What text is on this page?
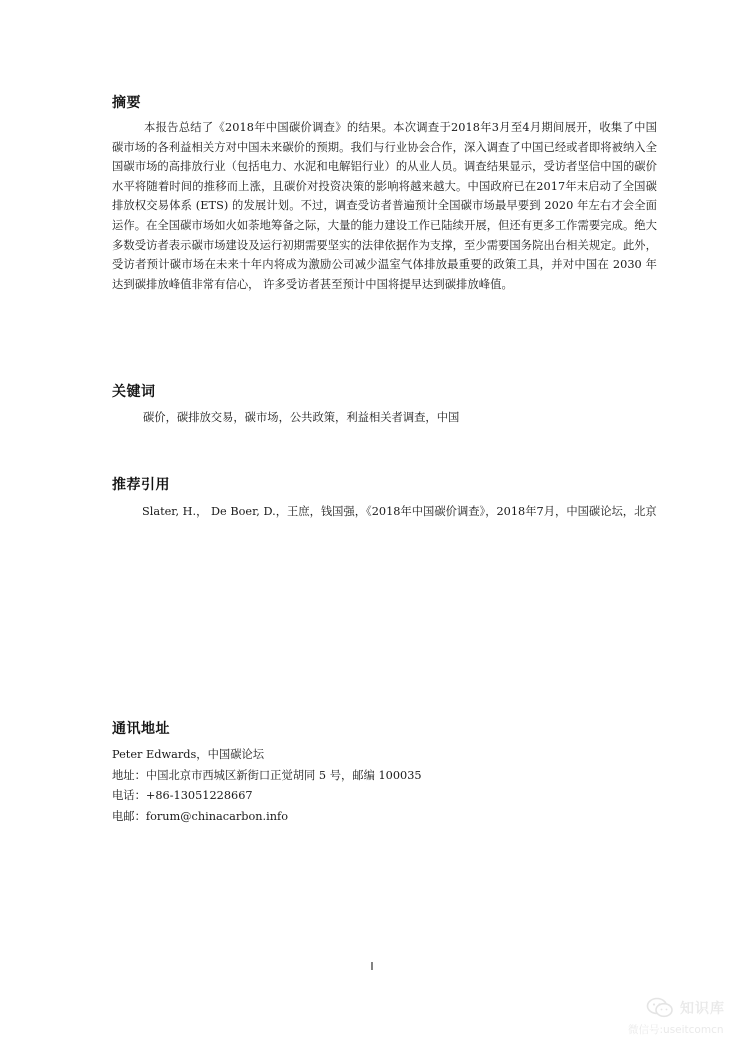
摘要

本报告总结了《2018年中国碳价调查》的结果。本次调查于2018年3月至4月期间展开，收集了中国碳市场的各利益相关方对中国未来碳价的预期。我们与行业协会合作，深入调查了中国已经或者即将被纳入全国碳市场的高排放行业（包括电力、水泥和电解铝行业）的从业人员。调查结果显示，受访者坚信中国的碳价水平将随着时间的推移而上涨，且碳价对投资决策的影响将越来越大。中国政府已在2017年末启动了全国碳排放权交易体系 (ETS) 的发展计划。不过，调查受访者普遍预计全国碳市场最早要到 2020 年左右才会全面运作。在全国碳市场如火如荼地筹备之际，大量的能力建设工作已陆续开展，但还有更多工作需要完成。绝大多数受访者表示碳市场建设及运行初期需要坚实的法律依据作为支撑，至少需要国务院出台相关规定。此外，受访者预计碳市场在未来十年内将成为激励公司减少温室气体排放最重要的政策工具，并对中国在 2030 年达到碳排放峰值非常有信心， 许多受访者甚至预计中国将提早达到碳排放峰值。

关键词

碳价，碳排放交易，碳市场，公共政策，利益相关者调查，中国

推荐引用

Slater, H.， De Boer, D.，王庶，钱国强，《2018年中国碳价调查》，2018年7月，中国碳论坛，北京

通讯地址
Peter Edwards，中国碳论坛
地址：中国北京市西城区新街口正觉胡同 5 号，邮编 100035
电话：+86-13051228667
电邮：forum@chinacarbon.info
I
知识库
微信号:useitcomcn
